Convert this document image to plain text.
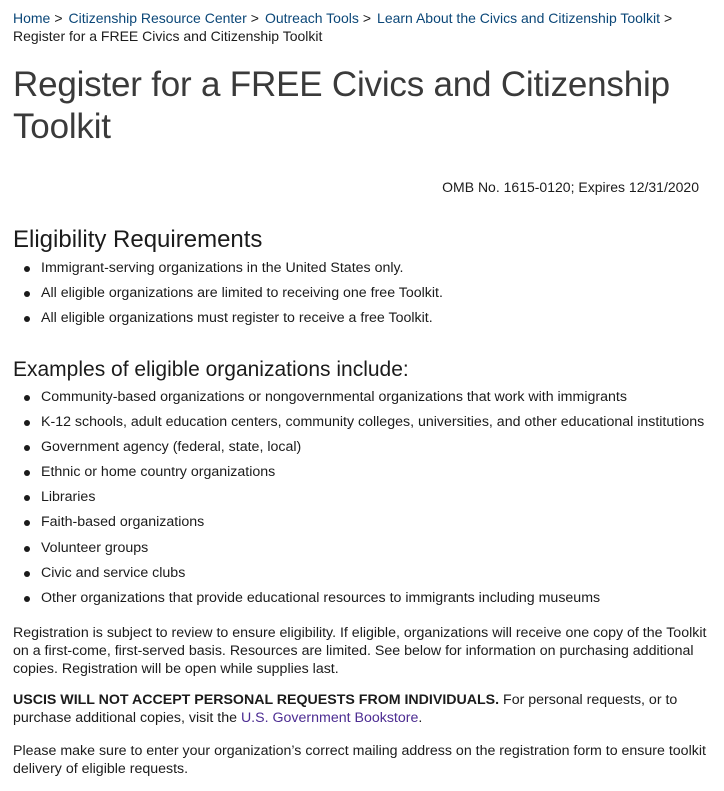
Home > Citizenship Resource Center > Outreach Tools > Learn About the Civics and Citizenship Toolkit >
Register for a FREE Civics and Citizenship Toolkit
Register for a FREE Civics and Citizenship Toolkit
OMB No. 1615-0120; Expires 12/31/2020
Eligibility Requirements
Immigrant-serving organizations in the United States only.
All eligible organizations are limited to receiving one free Toolkit.
All eligible organizations must register to receive a free Toolkit.
Examples of eligible organizations include:
Community-based organizations or nongovernmental organizations that work with immigrants
K-12 schools, adult education centers, community colleges, universities, and other educational institutions
Government agency (federal, state, local)
Ethnic or home country organizations
Libraries
Faith-based organizations
Volunteer groups
Civic and service clubs
Other organizations that provide educational resources to immigrants including museums

Registration is subject to review to ensure eligibility. If eligible, organizations will receive one copy of the Toolkit on a first-come, first-served basis. Resources are limited. See below for information on purchasing additional copies. Registration will be open while supplies last.

USCIS WILL NOT ACCEPT PERSONAL REQUESTS FROM INDIVIDUALS. For personal requests, or to purchase additional copies, visit the U.S. Government Bookstore.

Please make sure to enter your organization’s correct mailing address on the registration form to ensure toolkit delivery of eligible requests.
